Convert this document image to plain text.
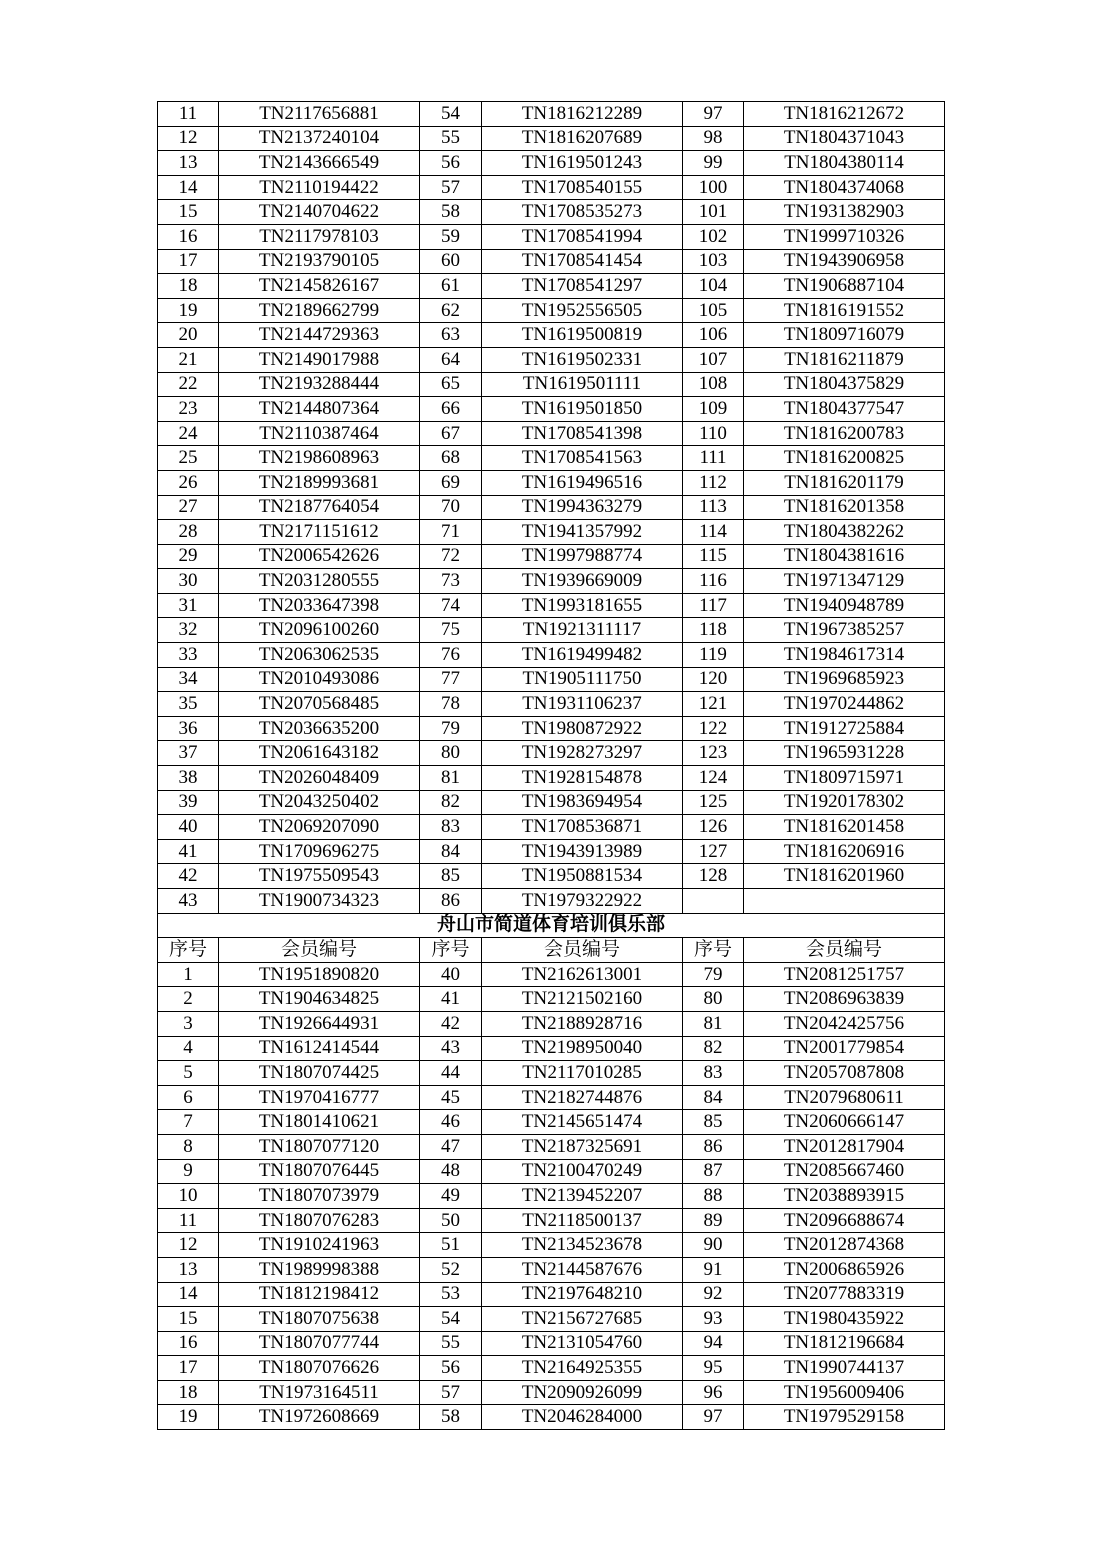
11	TN2117656881	54	TN1816212289	97	TN1816212672
12	TN2137240104	55	TN1816207689	98	TN1804371043
13	TN2143666549	56	TN1619501243	99	TN1804380114
14	TN2110194422	57	TN1708540155	100	TN1804374068
15	TN2140704622	58	TN1708535273	101	TN1931382903
16	TN2117978103	59	TN1708541994	102	TN1999710326
17	TN2193790105	60	TN1708541454	103	TN1943906958
18	TN2145826167	61	TN1708541297	104	TN1906887104
19	TN2189662799	62	TN1952556505	105	TN1816191552
20	TN2144729363	63	TN1619500819	106	TN1809716079
21	TN2149017988	64	TN1619502331	107	TN1816211879
22	TN2193288444	65	TN1619501111	108	TN1804375829
23	TN2144807364	66	TN1619501850	109	TN1804377547
24	TN2110387464	67	TN1708541398	110	TN1816200783
25	TN2198608963	68	TN1708541563	111	TN1816200825
26	TN2189993681	69	TN1619496516	112	TN1816201179
27	TN2187764054	70	TN1994363279	113	TN1816201358
28	TN2171151612	71	TN1941357992	114	TN1804382262
29	TN2006542626	72	TN1997988774	115	TN1804381616
30	TN2031280555	73	TN1939669009	116	TN1971347129
31	TN2033647398	74	TN1993181655	117	TN1940948789
32	TN2096100260	75	TN1921311117	118	TN1967385257
33	TN2063062535	76	TN1619499482	119	TN1984617314
34	TN2010493086	77	TN1905111750	120	TN1969685923
35	TN2070568485	78	TN1931106237	121	TN1970244862
36	TN2036635200	79	TN1980872922	122	TN1912725884
37	TN2061643182	80	TN1928273297	123	TN1965931228
38	TN2026048409	81	TN1928154878	124	TN1809715971
39	TN2043250402	82	TN1983694954	125	TN1920178302
40	TN2069207090	83	TN1708536871	126	TN1816201458
41	TN1709696275	84	TN1943913989	127	TN1816206916
42	TN1975509543	85	TN1950881534	128	TN1816201960
43	TN1900734323	86	TN1979322922		
舟山市简道体育培训俱乐部					
序号	会员编号	序号	会员编号	序号	会员编号
1	TN1951890820	40	TN2162613001	79	TN2081251757
2	TN1904634825	41	TN2121502160	80	TN2086963839
3	TN1926644931	42	TN2188928716	81	TN2042425756
4	TN1612414544	43	TN2198950040	82	TN2001779854
5	TN1807074425	44	TN2117010285	83	TN2057087808
6	TN1970416777	45	TN2182744876	84	TN2079680611
7	TN1801410621	46	TN2145651474	85	TN2060666147
8	TN1807077120	47	TN2187325691	86	TN2012817904
9	TN1807076445	48	TN2100470249	87	TN2085667460
10	TN1807073979	49	TN2139452207	88	TN2038893915
11	TN1807076283	50	TN2118500137	89	TN2096688674
12	TN1910241963	51	TN2134523678	90	TN2012874368
13	TN1989998388	52	TN2144587676	91	TN2006865926
14	TN1812198412	53	TN2197648210	92	TN2077883319
15	TN1807075638	54	TN2156727685	93	TN1980435922
16	TN1807077744	55	TN2131054760	94	TN1812196684
17	TN1807076626	56	TN2164925355	95	TN1990744137
18	TN1973164511	57	TN2090926099	96	TN1956009406
19	TN1972608669	58	TN2046284000	97	TN1979529158
